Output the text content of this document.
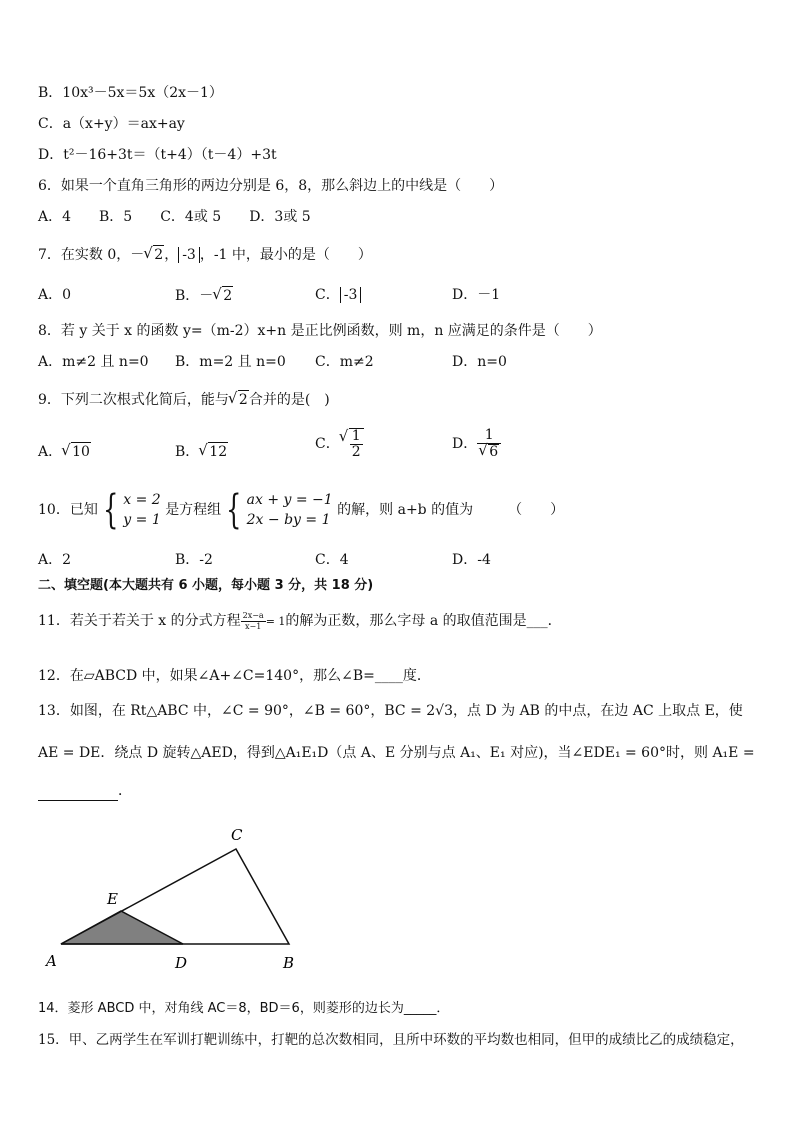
B．10x³－5x＝5x（2x－1）
C．a（x+y）＝ax+ay
D．t²－16+3t＝（t+4）（t－4）+3t
6．如果一个直角三角形的两边分别是 6，8，那么斜边上的中线是（　　）
A．4　　B．5　　C．4或 5　　D．3或 5
7．在实数 0，－ √ 2， -3 ，-1 中，最小的是（　　）
A．0	B．－ √ 2	C． -3	D．－1
8．若 y 关于 x 的函数 y=（m-2）x+n 是正比例函数，则 m，n 应满足的条件是（　　）
A．m≠2 且 n=0 B．m=2 且 n=0 C．m≠2	D．n=0
9．下列二次根式化简后，能与 √ 2合并的是(　)
A． √ 10	B． √ 12	C． √ $\frac{1}{2}$	D． 1
√ 6
10．已知 { x = 2
y = 1
是方程组 { ax + y = −1
2x − by = 1
的解，则 a+b 的值为　　　（　　）
A．2	B．-2	C．4	D．-4
二、填空题(本大题共有 6 小题，每小题 3 分，共 18 分)
11．若关于若关于 x 的分式方程 $\frac{2x-a}{x-1} = 1$的解为正数，那么字母 a 的取值范围是___．
12．在▱ABCD 中，如果∠A+∠C=140°，那么∠B=____度．
13．如图，在 Rt△ABC 中，∠C = 90°，∠B = 60°，BC = 2√3，点 D 为 AB 的中点，在边 AC 上取点 E，使
AE = DE．绕点 D 旋转△AED，得到△A₁E₁D（点 A、E 分别与点 A₁、E₁ 对应)，当∠EDE₁ = 60°时，则 A₁E =
．
C
E
A	D	B
14．菱形 ABCD 中，对角线 AC＝8，BD＝6，则菱形的边长为_____．
15．甲、乙两学生在军训打靶训练中，打靶的总次数相同，且所中环数的平均数也相同，但甲的成绩比乙的成绩稳定，
